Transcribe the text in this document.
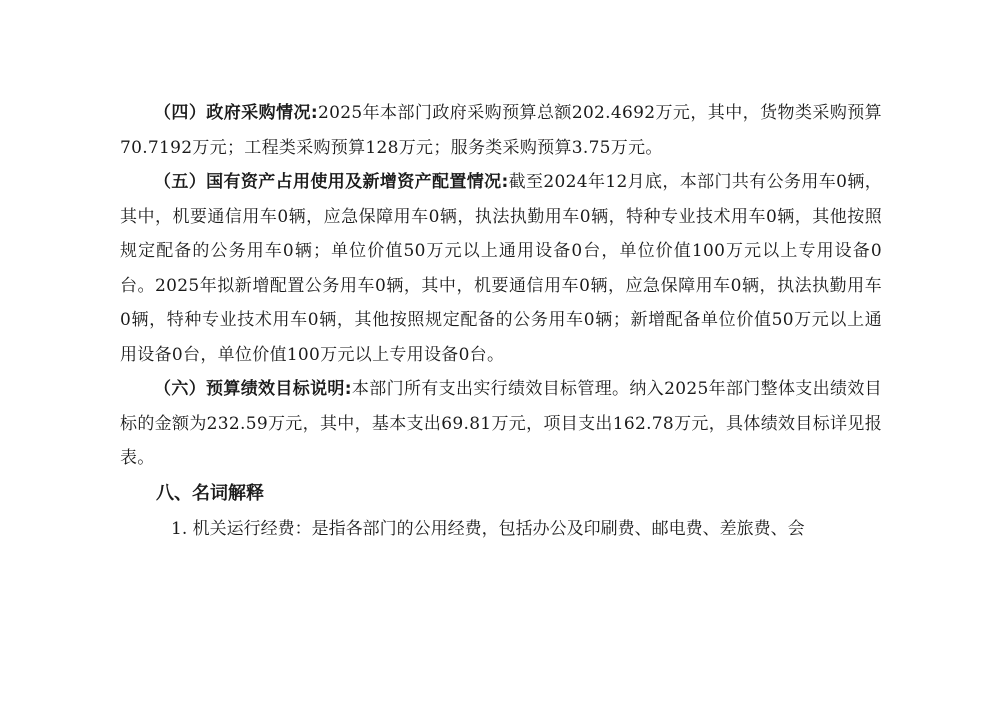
（四）政府采购情况:2025年本部门政府采购预算总额202.4692万元，其中，货物类采购预算70.7192万元；工程类采购预算128万元；服务类采购预算3.75万元。

（五）国有资产占用使用及新增资产配置情况:截至2024年12月底，本部门共有公务用车0辆，其中，机要通信用车0辆，应急保障用车0辆，执法执勤用车0辆，特种专业技术用车0辆，其他按照规定配备的公务用车0辆；单位价值50万元以上通用设备0台，单位价值100万元以上专用设备0台。2025年拟新增配置公务用车0辆，其中，机要通信用车0辆，应急保障用车0辆，执法执勤用车0辆，特种专业技术用车0辆，其他按照规定配备的公务用车0辆；新增配备单位价值50万元以上通用设备0台，单位价值100万元以上专用设备0台。

（六）预算绩效目标说明:本部门所有支出实行绩效目标管理。纳入2025年部门整体支出绩效目标的金额为232.59万元，其中，基本支出69.81万元，项目支出162.78万元，具体绩效目标详见报表。

八、名词解释

1. 机关运行经费：是指各部门的公用经费，包括办公及印刷费、邮电费、差旅费、会
